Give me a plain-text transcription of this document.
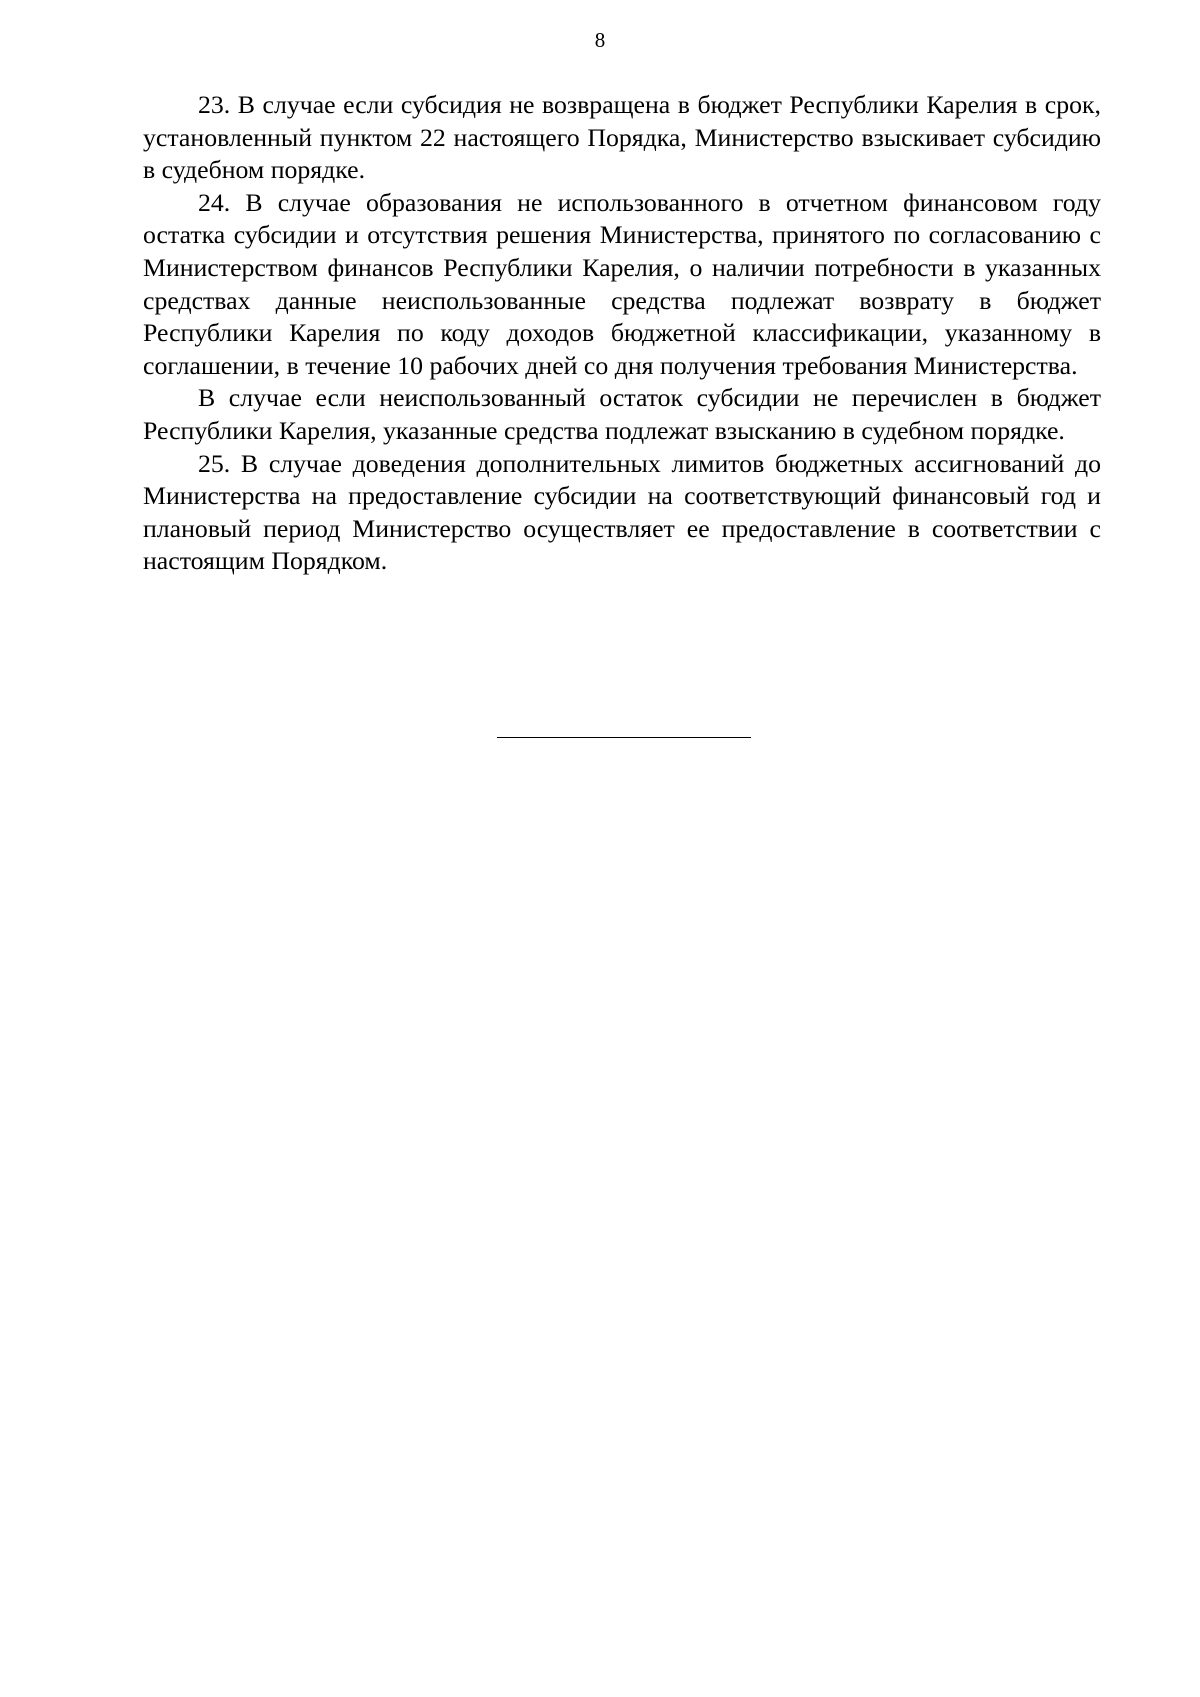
8

23. В случае если субсидия не возвращена в бюджет Республики Карелия в срок, установленный пунктом 22 настоящего Порядка, Министерство взыскивает субсидию в судебном порядке.

24. В случае образования не использованного в отчетном финансовом году остатка субсидии и отсутствия решения Министерства, принятого по согласованию с Министерством финансов Республики Карелия, о наличии потребности в указанных средствах данные неиспользованные средства подлежат возврату в бюджет Республики Карелия по коду доходов бюджетной классификации, указанному в соглашении, в течение 10 рабочих дней со дня получения требования Министерства.

В случае если неиспользованный остаток субсидии не перечислен в бюджет Республики Карелия, указанные средства подлежат взысканию в судебном порядке.

25. В случае доведения дополнительных лимитов бюджетных ассигнований до Министерства на предоставление субсидии на соответствующий финансовый год и плановый период Министерство осуществляет ее предоставление в соответствии с настоящим Порядком.
